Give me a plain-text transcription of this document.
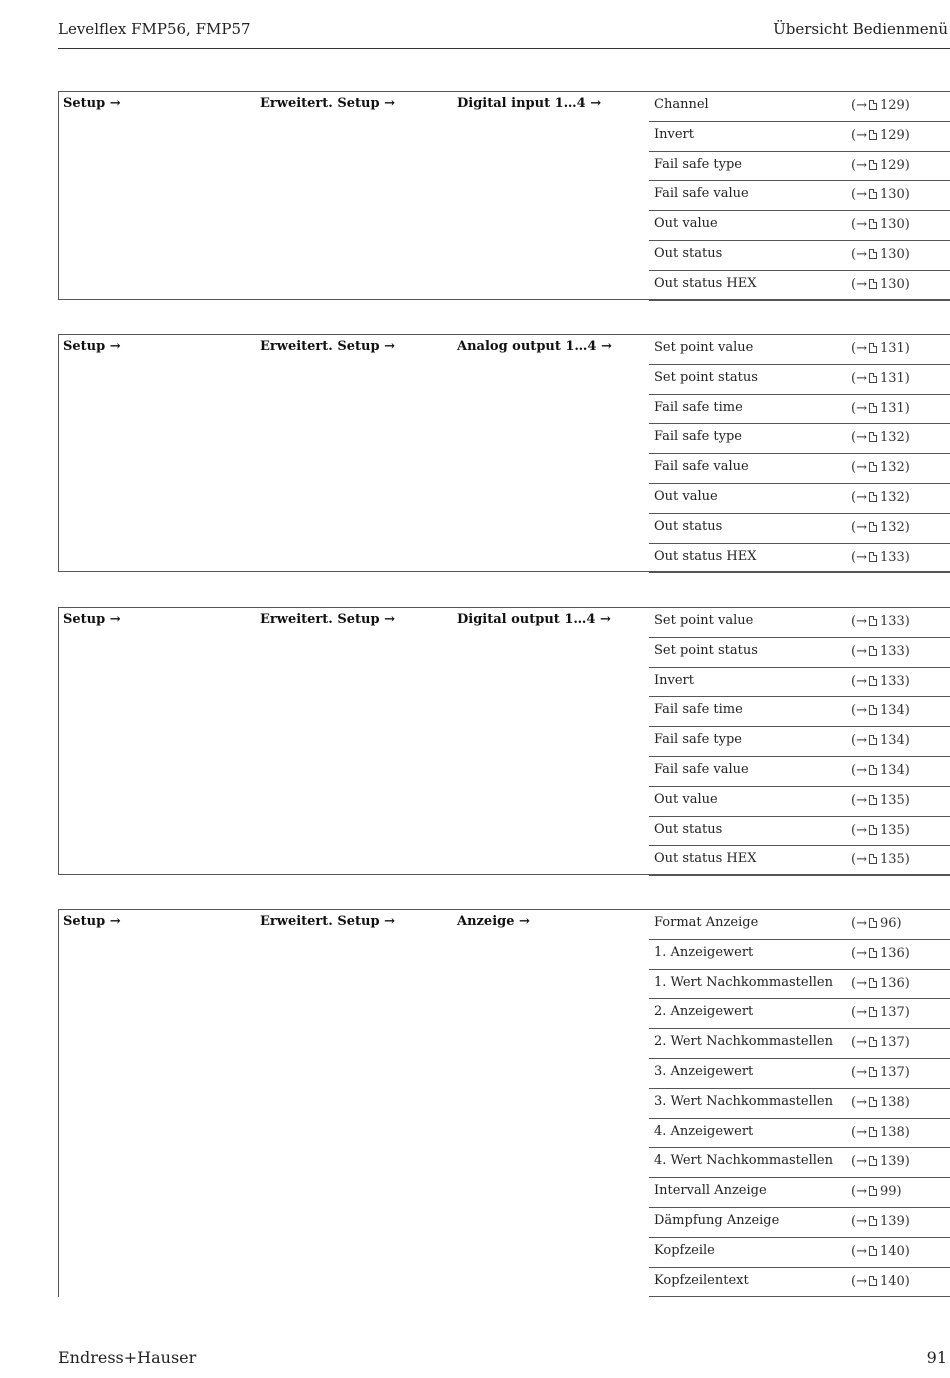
Levelflex FMP56, FMP57	Übersicht Bedienmenü
Setup →	Erweitert. Setup →	Digital input 1…4 →	Channel	(→ 129)
Invert	(→ 129)
Fail safe type	(→ 129)
Fail safe value	(→ 130)
Out value	(→ 130)
Out status	(→ 130)
Out status HEX	(→ 130)
Setup →	Erweitert. Setup →	Analog output 1…4 →	Set point value	(→ 131)
Set point status	(→ 131)
Fail safe time	(→ 131)
Fail safe type	(→ 132)
Fail safe value	(→ 132)
Out value	(→ 132)
Out status	(→ 132)
Out status HEX	(→ 133)
Setup →	Erweitert. Setup →	Digital output 1…4 →	Set point value	(→ 133)
Set point status	(→ 133)
Invert	(→ 133)
Fail safe time	(→ 134)
Fail safe type	(→ 134)
Fail safe value	(→ 134)
Out value	(→ 135)
Out status	(→ 135)
Out status HEX	(→ 135)
Setup →	Erweitert. Setup →	Anzeige →	Format Anzeige	(→ 96)
1. Anzeigewert	(→ 136)
1. Wert Nachkommastellen (→ 136)
2. Anzeigewert	(→ 137)
2. Wert Nachkommastellen (→ 137)
3. Anzeigewert	(→ 137)
3. Wert Nachkommastellen (→ 138)
4. Anzeigewert	(→ 138)
4. Wert Nachkommastellen (→ 139)
Intervall Anzeige	(→ 99)
Dämpfung Anzeige	(→ 139)
Kopfzeile	(→ 140)
Kopfzeilentext	(→ 140)
Endress+Hauser	91
